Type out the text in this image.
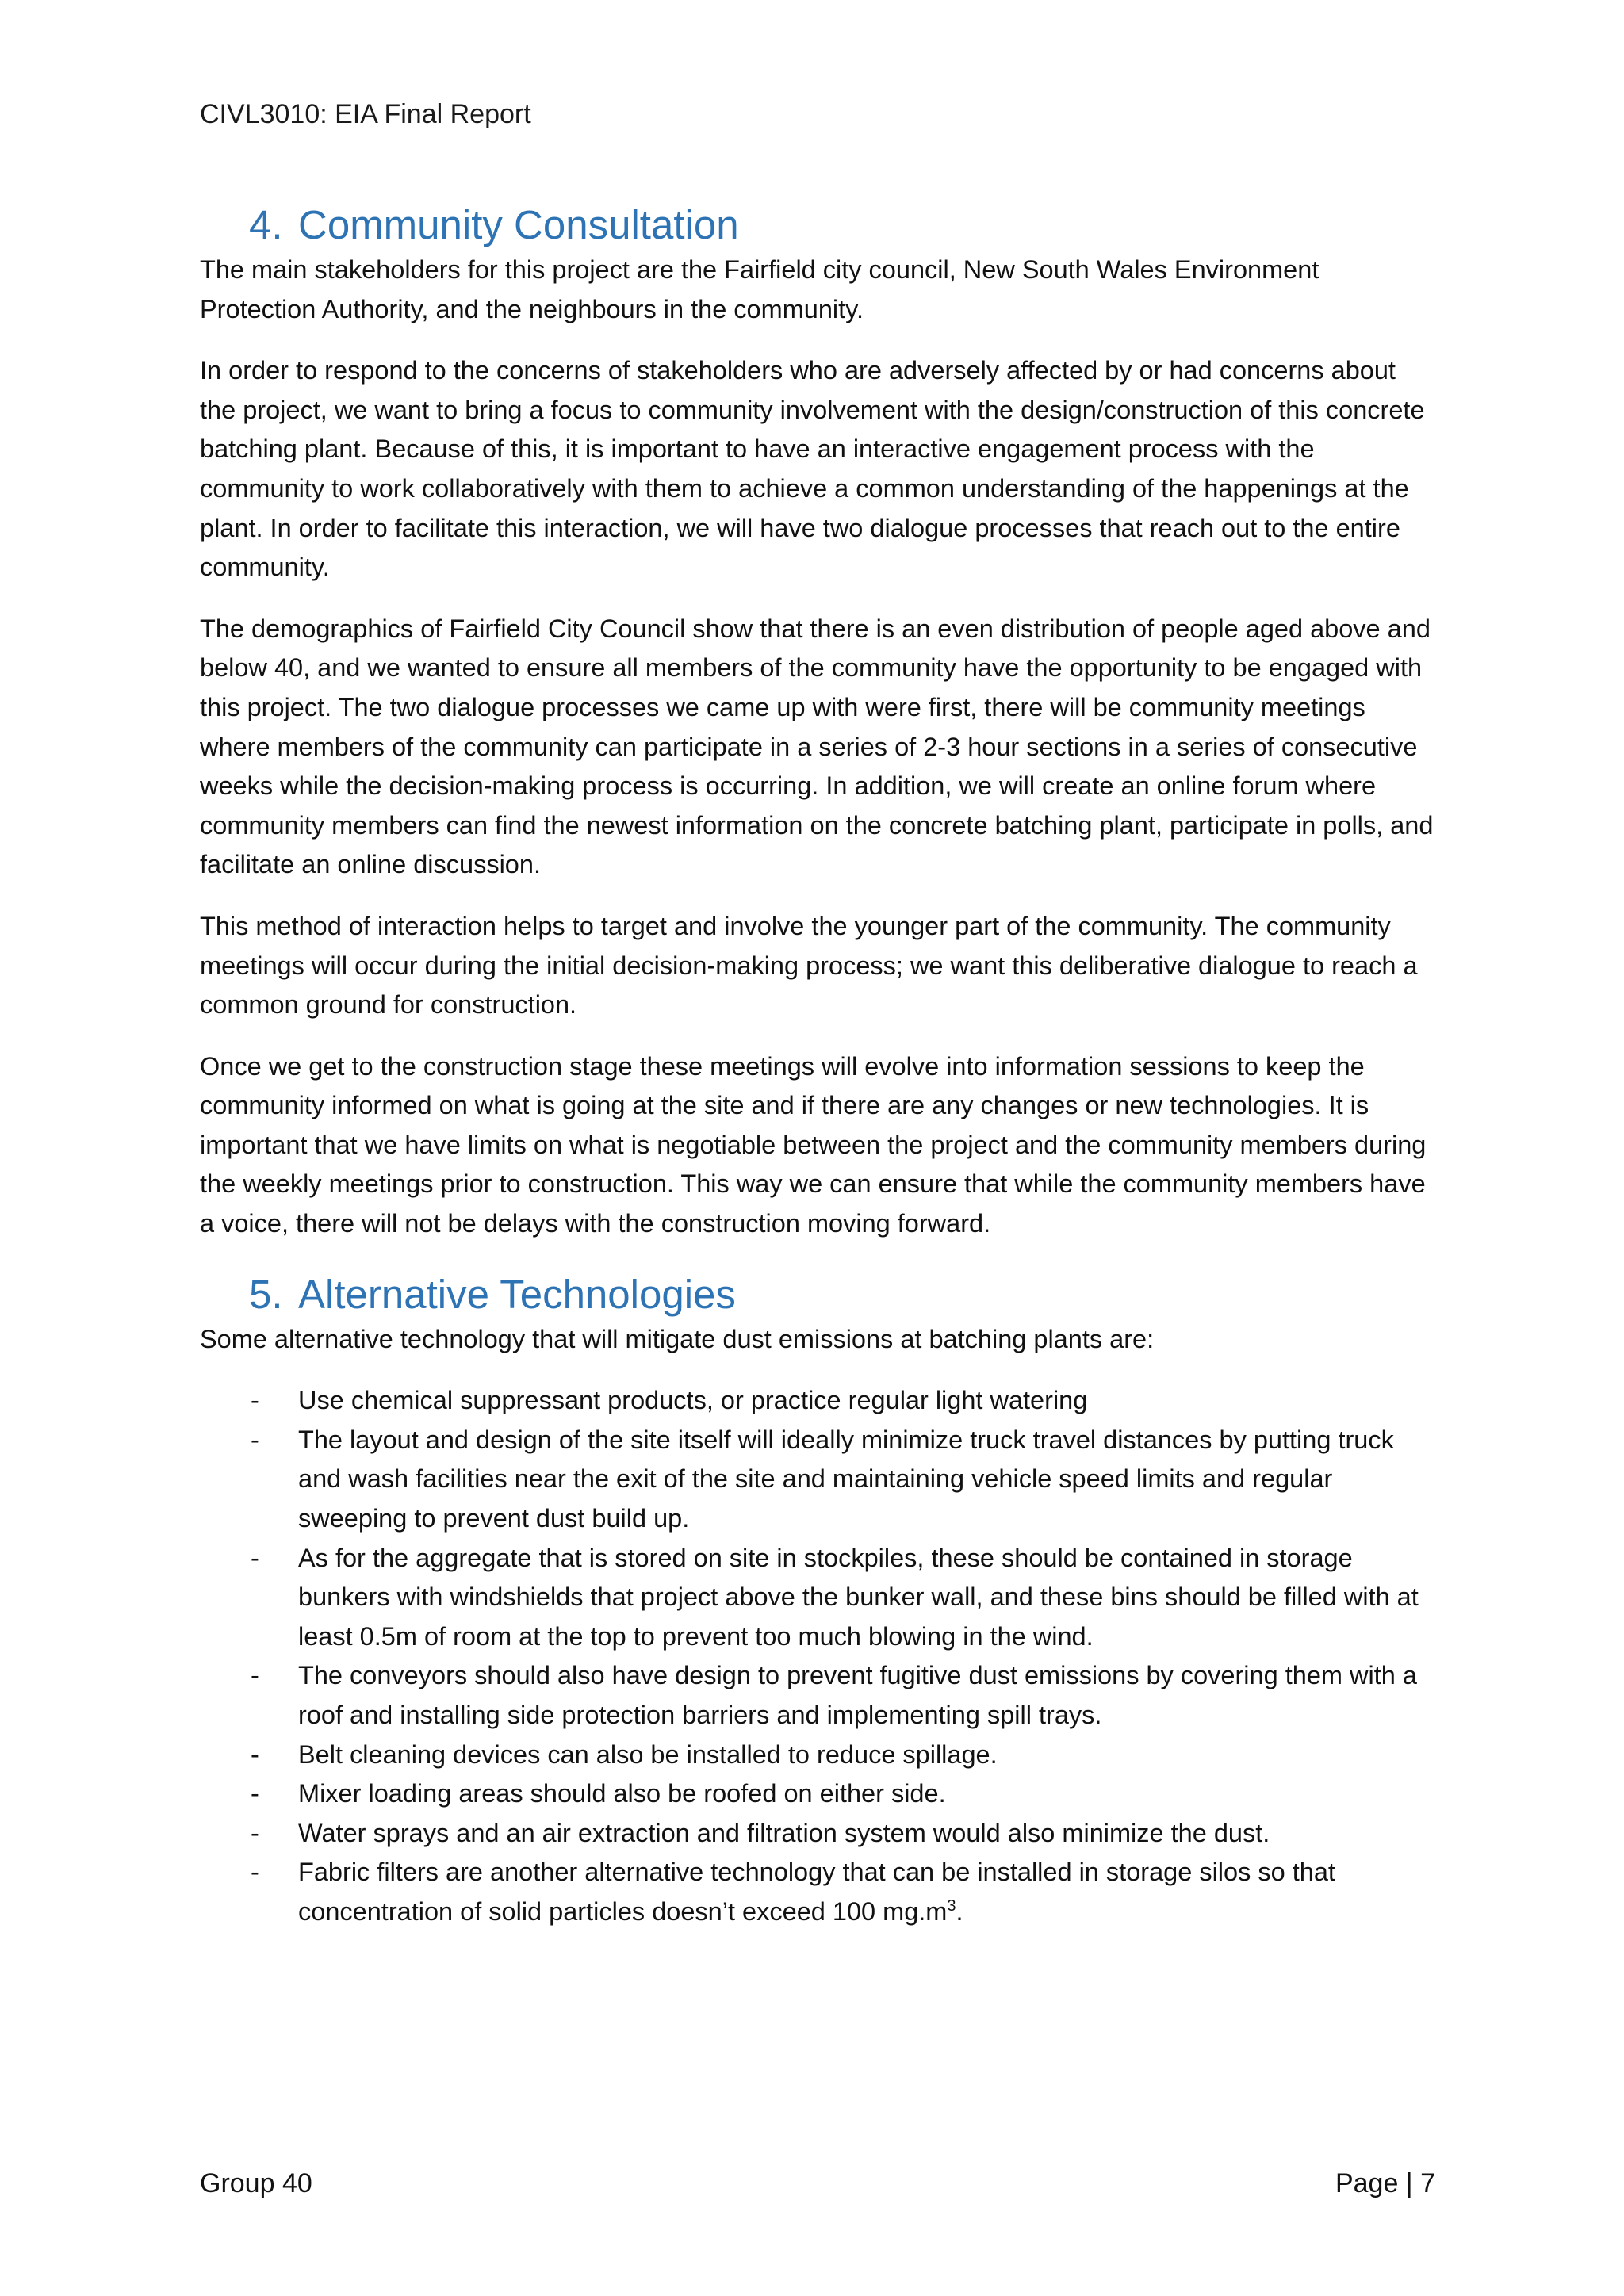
CIVL3010: EIA Final Report
4. Community Consultation

The main stakeholders for this project are the Fairfield city council, New South Wales Environment Protection Authority, and the neighbours in the community.

In order to respond to the concerns of stakeholders who are adversely affected by or had concerns about the project, we want to bring a focus to community involvement with the design/construction of this concrete batching plant. Because of this, it is important to have an interactive engagement process with the community to work collaboratively with them to achieve a common understanding of the happenings at the plant. In order to facilitate this interaction, we will have two dialogue processes that reach out to the entire community.

The demographics of Fairfield City Council show that there is an even distribution of people aged above and below 40, and we wanted to ensure all members of the community have the opportunity to be engaged with this project. The two dialogue processes we came up with were first, there will be community meetings where members of the community can participate in a series of 2-3 hour sections in a series of consecutive weeks while the decision-making process is occurring. In addition, we will create an online forum where community members can find the newest information on the concrete batching plant, participate in polls, and facilitate an online discussion.

This method of interaction helps to target and involve the younger part of the community. The community meetings will occur during the initial decision-making process; we want this deliberative dialogue to reach a common ground for construction.

Once we get to the construction stage these meetings will evolve into information sessions to keep the community informed on what is going at the site and if there are any changes or new technologies. It is important that we have limits on what is negotiable between the project and the community members during the weekly meetings prior to construction. This way we can ensure that while the community members have a voice, there will not be delays with the construction moving forward.

5. Alternative Technologies

Some alternative technology that will mitigate dust emissions at batching plants are:

-	Use chemical suppressant products, or practice regular light watering
-	The layout and design of the site itself will ideally minimize truck travel distances by putting truck and wash facilities near the exit of the site and maintaining vehicle speed limits and regular sweeping to prevent dust build up.
-	As for the aggregate that is stored on site in stockpiles, these should be contained in storage bunkers with windshields that project above the bunker wall, and these bins should be filled with at least 0.5m of room at the top to prevent too much blowing in the wind.
-	The conveyors should also have design to prevent fugitive dust emissions by covering them with a roof and installing side protection barriers and implementing spill trays.
-	Belt cleaning devices can also be installed to reduce spillage.
-	Mixer loading areas should also be roofed on either side.
-	Water sprays and an air extraction and filtration system would also minimize the dust.
-	Fabric filters are another alternative technology that can be installed in storage silos so that concentration of solid particles doesn’t exceed 100 $mg.m^3$.
Group 40	Page | 7
